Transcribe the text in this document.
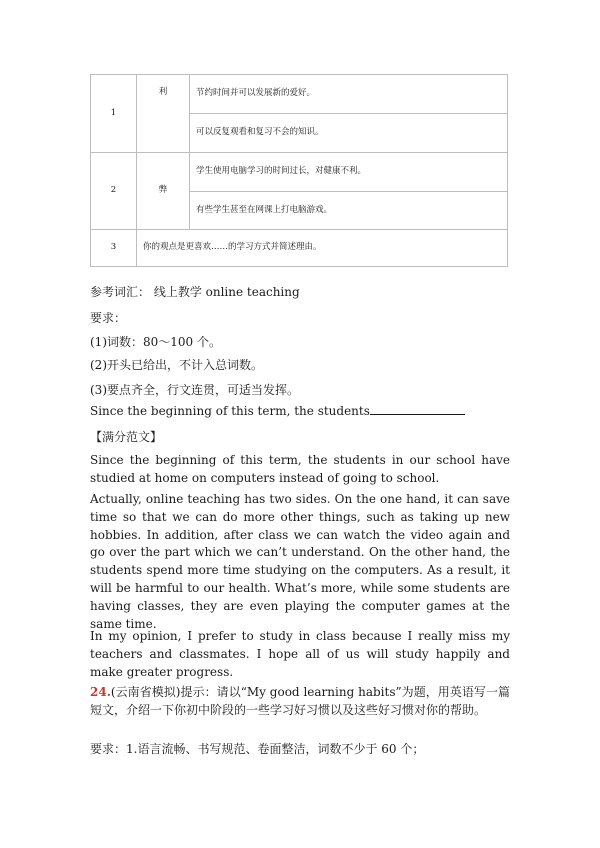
1	利	节约时间并可以发展新的爱好。
		可以反复观看和复习不会的知识。
2	弊	学生使用电脑学习的时间过长，对健康不利。
		有些学生甚至在网课上打电脑游戏。
3	你的观点是更喜欢……的学习方式并简述理由。	
参考词汇： 线上教学 online teaching
要求：
(1)词数：80～100 个。
(2)开头已给出，不计入总词数。
(3)要点齐全，行文连贯，可适当发挥。
Since the beginning of this term, the students
【满分范文】
Since the beginning of this term, the students in our school have studied at home on computers instead of going to school.
Actually, online teaching has two sides. On the one hand, it can save time so that we can do more other things, such as taking up new hobbies. In addition, after class we can watch the video again and go over the part which we can’t understand. On the other hand, the students spend more time studying on the computers. As a result, it will be harmful to our health. What’s more, while some students are having classes, they are even playing the computer games at the same time.
In my opinion, I prefer to study in class because I really miss my teachers and classmates. I hope all of us will study happily and make greater progress.
24.(云南省模拟)提示：请以“My good learning habits”为题，用英语写一篇短文，介绍一下你初中阶段的一些学习好习惯以及这些好习惯对你的帮助。
要求：1.语言流畅、书写规范、卷面整洁，词数不少于 60 个；
